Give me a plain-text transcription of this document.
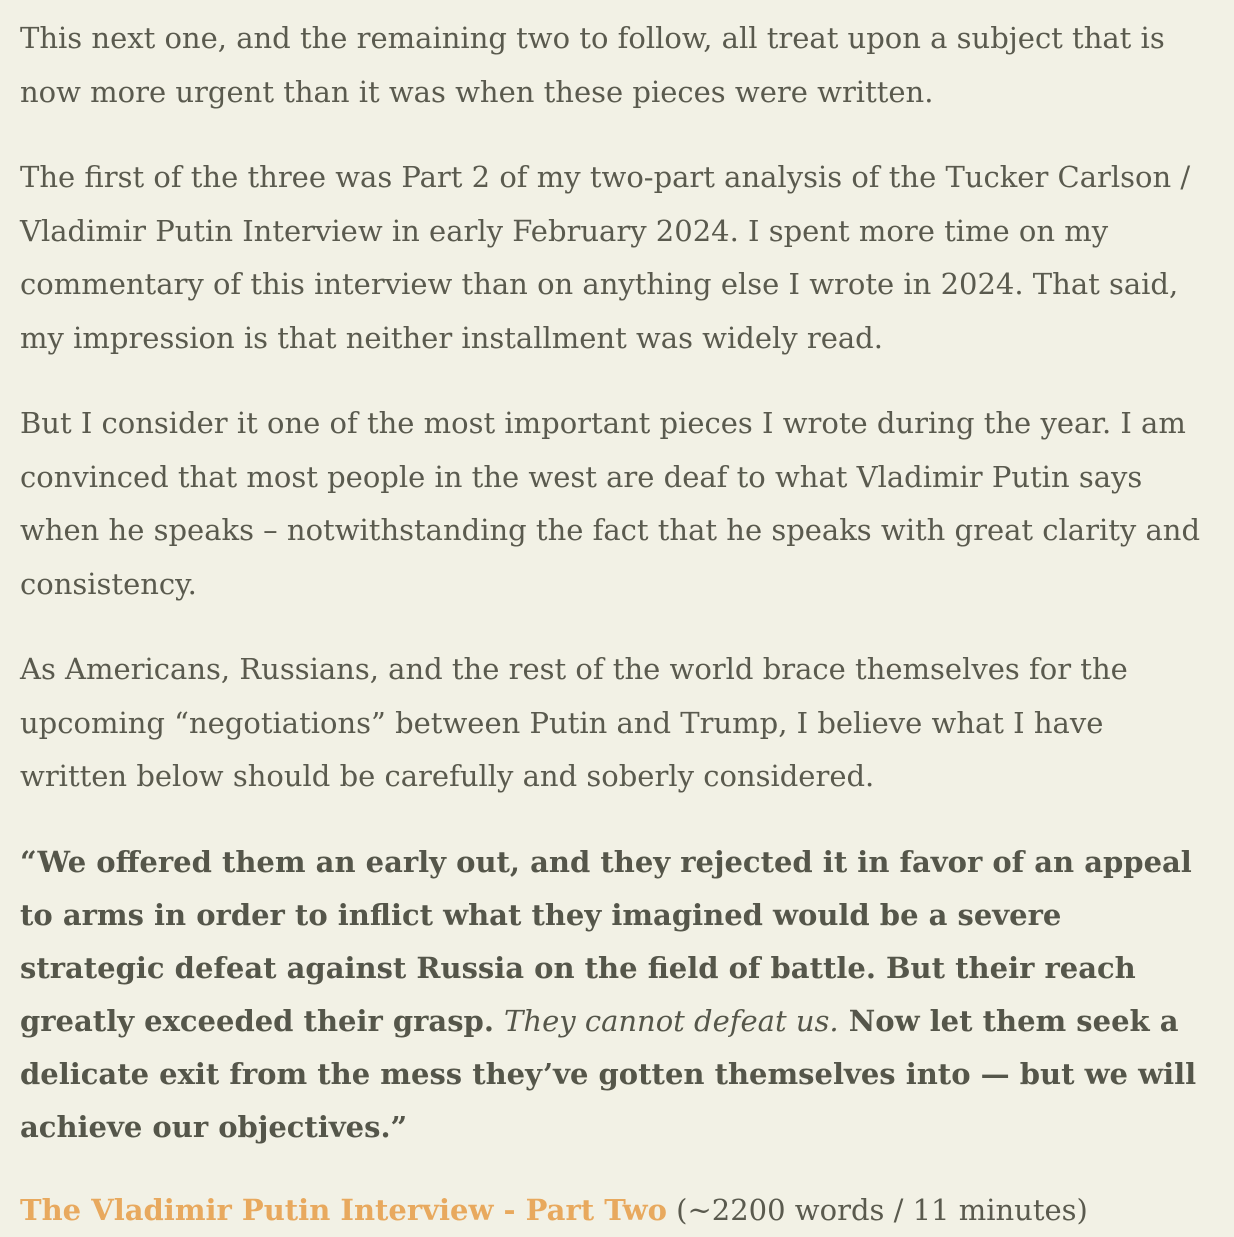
This next one, and the remaining two to follow, all treat upon a subject that is now more urgent than it was when these pieces were written.

The first of the three was Part 2 of my two-part analysis of the Tucker Carlson / Vladimir Putin Interview in early February 2024. I spent more time on my commentary of this interview than on anything else I wrote in 2024. That said, my impression is that neither installment was widely read.

But I consider it one of the most important pieces I wrote during the year. I am convinced that most people in the west are deaf to what Vladimir Putin says when he speaks – notwithstanding the fact that he speaks with great clarity and consistency.

As Americans, Russians, and the rest of the world brace themselves for the upcoming “negotiations” between Putin and Trump, I believe what I have written below should be carefully and soberly considered.

“We offered them an early out, and they rejected it in favor of an appeal to arms in order to inflict what they imagined would be a severe strategic defeat against Russia on the field of battle. But their reach greatly exceeded their grasp. They cannot defeat us. Now let them seek a delicate exit from the mess they’ve gotten themselves into — but we will achieve our objectives.”

The Vladimir Putin Interview - Part Two (~2200 words / 11 minutes)
